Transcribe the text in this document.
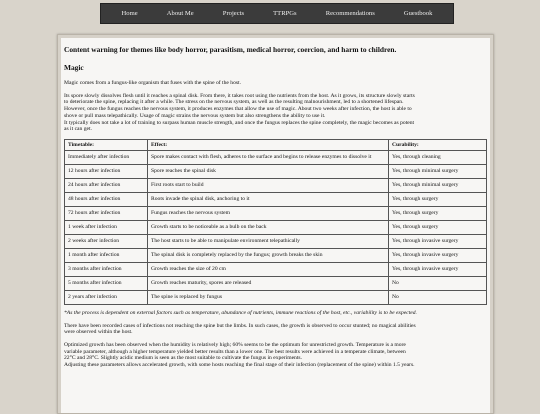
Home	About Me	Projects	TTRPGs	Recommendations	Guestbook
Content warning for themes like body horror, parasitism, medical horror, coercion, and harm to children.
Magic

Magic comes from a fungus-like organism that fuses with the spine of the host.

Its spore slowly dissolves flesh until it reaches a spinal disk. From there, it takes root using the nutrients from the host. As it grows, its structure slowly starts
to deteriorate the spine, replacing it after a while. The stress on the nervous system, as well as the resulting malnourishment, led to a shortened lifespan.
However, once the fungus reaches the nervous system, it produces enzymes that allow the use of magic. About two weeks after infection, the host is able to
shove or pull mass telepathically. Usage of magic strains the nervous system but also strengthens the ability to use it.
It typically does not take a lot of training to surpass human muscle strength, and once the fungus replaces the spine completely, the magic becomes as potent
as it can get.

Timetable:	Effect:	Curability:
Immediately after infection	Spore makes contact with flesh, adheres to the surface and begins to release enzymes to dissolve it	Yes, through cleaning
12 hours after infection	Spore reaches the spinal disk	Yes, through minimal surgery
24 hours after infection	First roots start to build	Yes, through minimal surgery
48 hours after infection	Roots invade the spinal disk, anchoring to it	Yes, through surgery
72 hours after infection	Fungus reaches the nervous system	Yes, through surgery
1 week after infection	Growth starts to be noticeable as a bulb on the back	Yes, through surgery
2 weeks after infection	The host starts to be able to manipulate environment telepathically	Yes, through invasive surgery
1 month after infection	The spinal disk is completely replaced by the fungus; growth breaks the skin	Yes, through invasive surgery
3 months after infection	Growth reaches the size of 20 cm	Yes, through invasive surgery
5 months after infection	Growth reaches maturity, spores are released	No
2 years after infection	The spine is replaced by fungus	No

*As the process is dependent on external factors such as temperature, abundance of nutrients, immune reactions of the host, etc., variability is to be expected.

There have been recorded cases of infections not reaching the spine but the limbs. In such cases, the growth is observed to occur stunted; no magical abilities
were observed within the host.

Optimized growth has been observed when the humidity is relatively high; 60% seems to be the optimum for unrestricted growth. Temperature is a more
variable parameter, although a higher temperature yielded better results than a lower one. The best results were achieved in a temperate climate, between
22°C and 28°C. Slightly acidic medium is seen as the most suitable to cultivate the fungus in experiments.
Adjusting these parameters allows accelerated growth, with some hosts reaching the final stage of their infection (replacement of the spine) within 1.5 years.
